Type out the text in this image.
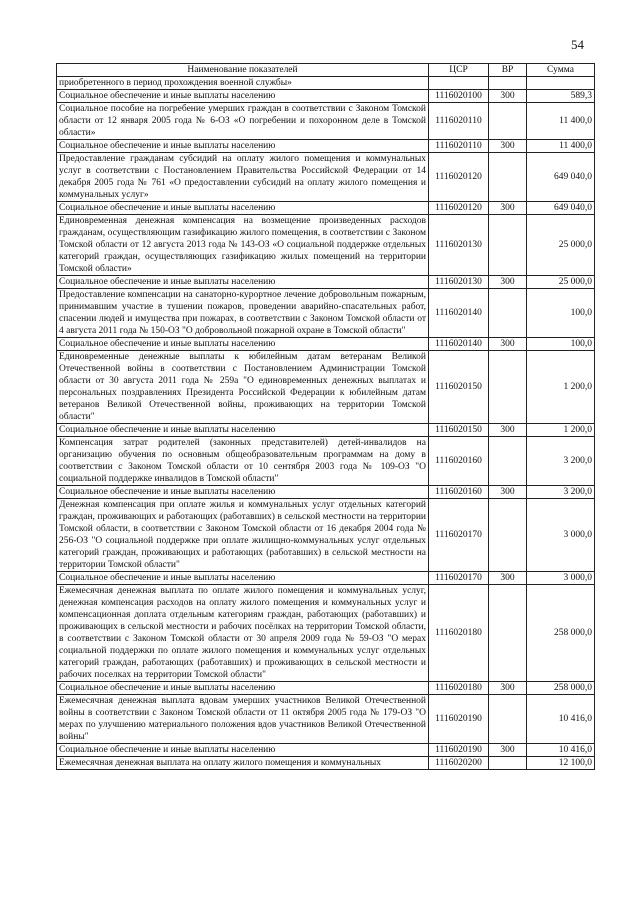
54
Наименование показателей	ЦСР	ВР	Сумма
приобретенного в период прохождения военной службы»			
Социальное обеспечение и иные выплаты населению	1116020100	300	589,3
Социальное пособие на погребение умерших граждан в соответствии с Законом Томской области от 12 января 2005 года № 6-ОЗ «О погребении и похоронном деле в Томской области»	1116020110		11 400,0
Социальное обеспечение и иные выплаты населению	1116020110	300	11 400,0
Предоставление гражданам субсидий на оплату жилого помещения и коммунальных услуг в соответствии с Постановлением Правительства Российской Федерации от 14 декабря 2005 года № 761 «О предоставлении субсидий на оплату жилого помещения и коммунальных услуг»	1116020120		649 040,0
Социальное обеспечение и иные выплаты населению	1116020120	300	649 040,0
Единовременная денежная компенсация на возмещение произведенных расходов гражданам, осуществляющим газификацию жилого помещения, в соответствии с Законом Томской области от 12 августа 2013 года № 143-ОЗ «О социальной поддержке отдельных категорий граждан, осуществляющих газификацию жилых помещений на территории Томской области»	1116020130		25 000,0
Социальное обеспечение и иные выплаты населению	1116020130	300	25 000,0
Предоставление компенсации на санаторно-курортное лечение добровольным пожарным, принимавшим участие в тушении пожаров, проведении аварийно-спасательных работ, спасении людей и имущества при пожарах, в соответствии с Законом Томской области от 4 августа 2011 года № 150-ОЗ "О добровольной пожарной охране в Томской области"	1116020140		100,0
Социальное обеспечение и иные выплаты населению	1116020140	300	100,0
Единовременные денежные выплаты к юбилейным датам ветеранам Великой Отечественной войны в соответствии с Постановлением Администрации Томской области от 30 августа 2011 года № 259а "О единовременных денежных выплатах и персональных поздравлениях Президента Российской Федерации к юбилейным датам ветеранов Великой Отечественной войны, проживающих на территории Томской области"	1116020150		1 200,0
Социальное обеспечение и иные выплаты населению	1116020150	300	1 200,0
Компенсация затрат родителей (законных представителей) детей-инвалидов на организацию обучения по основным общеобразовательным программам на дому в соответствии с Законом Томской области от 10 сентября 2003 года № 109-ОЗ "О социальной поддержке инвалидов в Томской области"	1116020160		3 200,0
Социальное обеспечение и иные выплаты населению	1116020160	300	3 200,0
Денежная компенсация при оплате жилья и коммунальных услуг отдельных категорий граждан, проживающих и работающих (работавших) в сельской местности на территории Томской области, в соответствии с Законом Томской области от 16 декабря 2004 года № 256-ОЗ "О социальной поддержке при оплате жилищно-коммунальных услуг отдельных категорий граждан, проживающих и работающих (работавших) в сельской местности на территории Томской области"	1116020170		3 000,0
Социальное обеспечение и иные выплаты населению	1116020170	300	3 000,0
Ежемесячная денежная выплата по оплате жилого помещения и коммунальных услуг, денежная компенсация расходов на оплату жилого помещения и коммунальных услуг и компенсационная доплата отдельным категориям граждан, работающих (работавших) и проживающих в сельской местности и рабочих посёлках на территории Томской области, в соответствии с Законом Томской области от 30 апреля 2009 года № 59-ОЗ "О мерах социальной поддержки по оплате жилого помещения и коммунальных услуг отдельных категорий граждан, работающих (работавших) и проживающих в сельской местности и рабочих поселках на территории Томской области"	1116020180		258 000,0
Социальное обеспечение и иные выплаты населению	1116020180	300	258 000,0
Ежемесячная денежная выплата вдовам умерших участников Великой Отечественной войны в соответствии с Законом Томской области от 11 октября 2005 года № 179-ОЗ "О мерах по улучшению материального положения вдов участников Великой Отечественной войны"	1116020190		10 416,0
Социальное обеспечение и иные выплаты населению	1116020190	300	10 416,0
Ежемесячная денежная выплата на оплату жилого помещения и коммунальных	1116020200		12 100,0
